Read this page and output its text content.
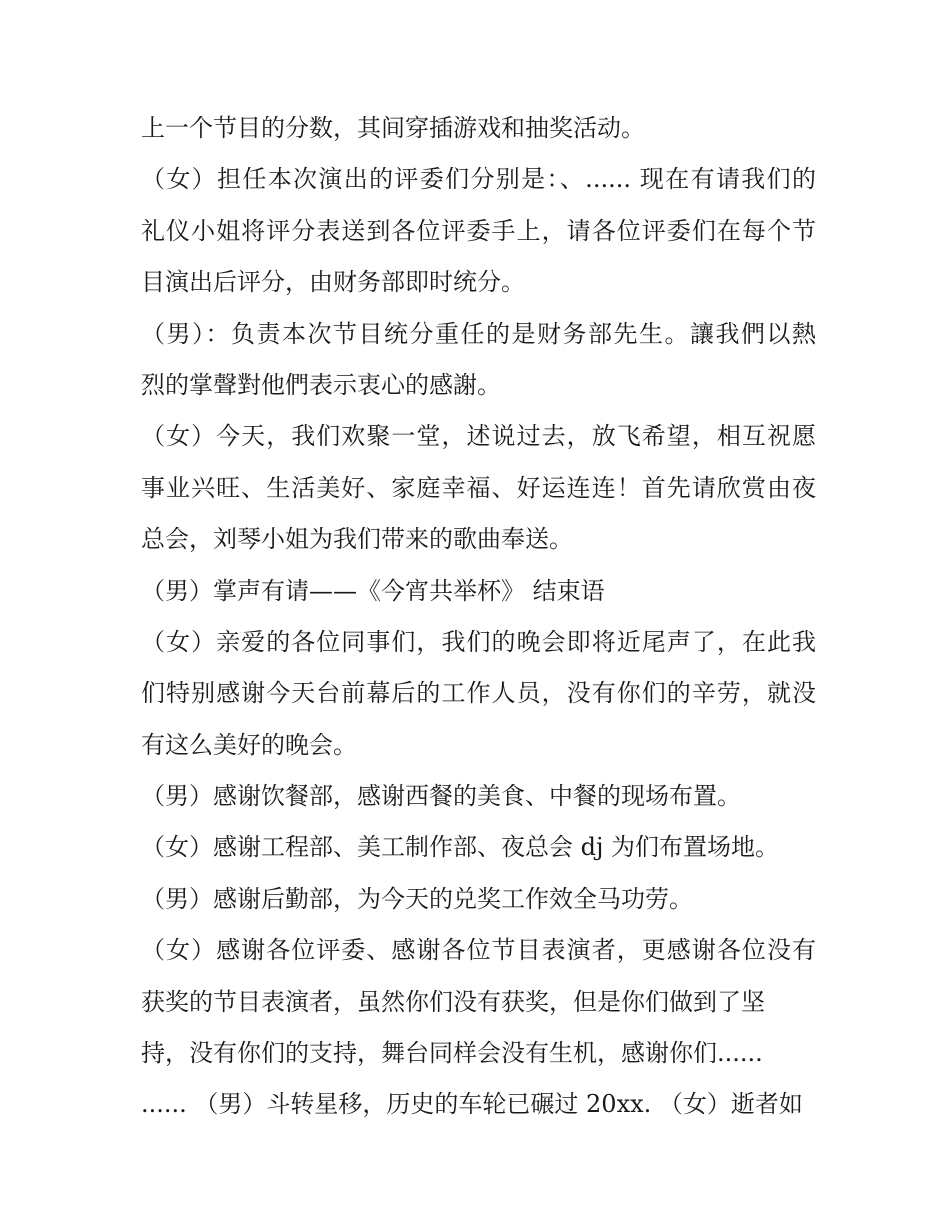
上一个节目的分数，其间穿插游戏和抽奖活动。
（女）担任本次演出的评委们分别是：、...... 现在有请我们的
礼仪小姐将评分表送到各位评委手上，请各位评委们在每个节
目演出后评分，由财务部即时统分。
（男）：负责本次节目统分重任的是财务部先生。讓我們以熱
烈的掌聲對他們表示衷心的感謝。
（女）今天，我们欢聚一堂，述说过去，放飞希望，相互祝愿
事业兴旺、生活美好、家庭幸福、好运连连！首先请欣赏由夜
总会，刘琴小姐为我们带来的歌曲奉送。
（男）掌声有请——《今宵共举杯》 结束语
（女）亲爱的各位同事们，我们的晚会即将近尾声了，在此我
们特别感谢今天台前幕后的工作人员，没有你们的辛劳，就没
有这么美好的晚会。
（男）感谢饮餐部，感谢西餐的美食、中餐的现场布置。
（女）感谢工程部、美工制作部、夜总会 dj 为们布置场地。
（男）感谢后勤部，为今天的兑奖工作效全马功劳。
（女）感谢各位评委、感谢各位节目表演者，更感谢各位没有
获奖的节目表演者，虽然你们没有获奖，但是你们做到了坚
持，没有你们的支持，舞台同样会没有生机，感谢你们......
...... （男）斗转星移，历史的车轮已碾过 20xx. （女）逝者如
